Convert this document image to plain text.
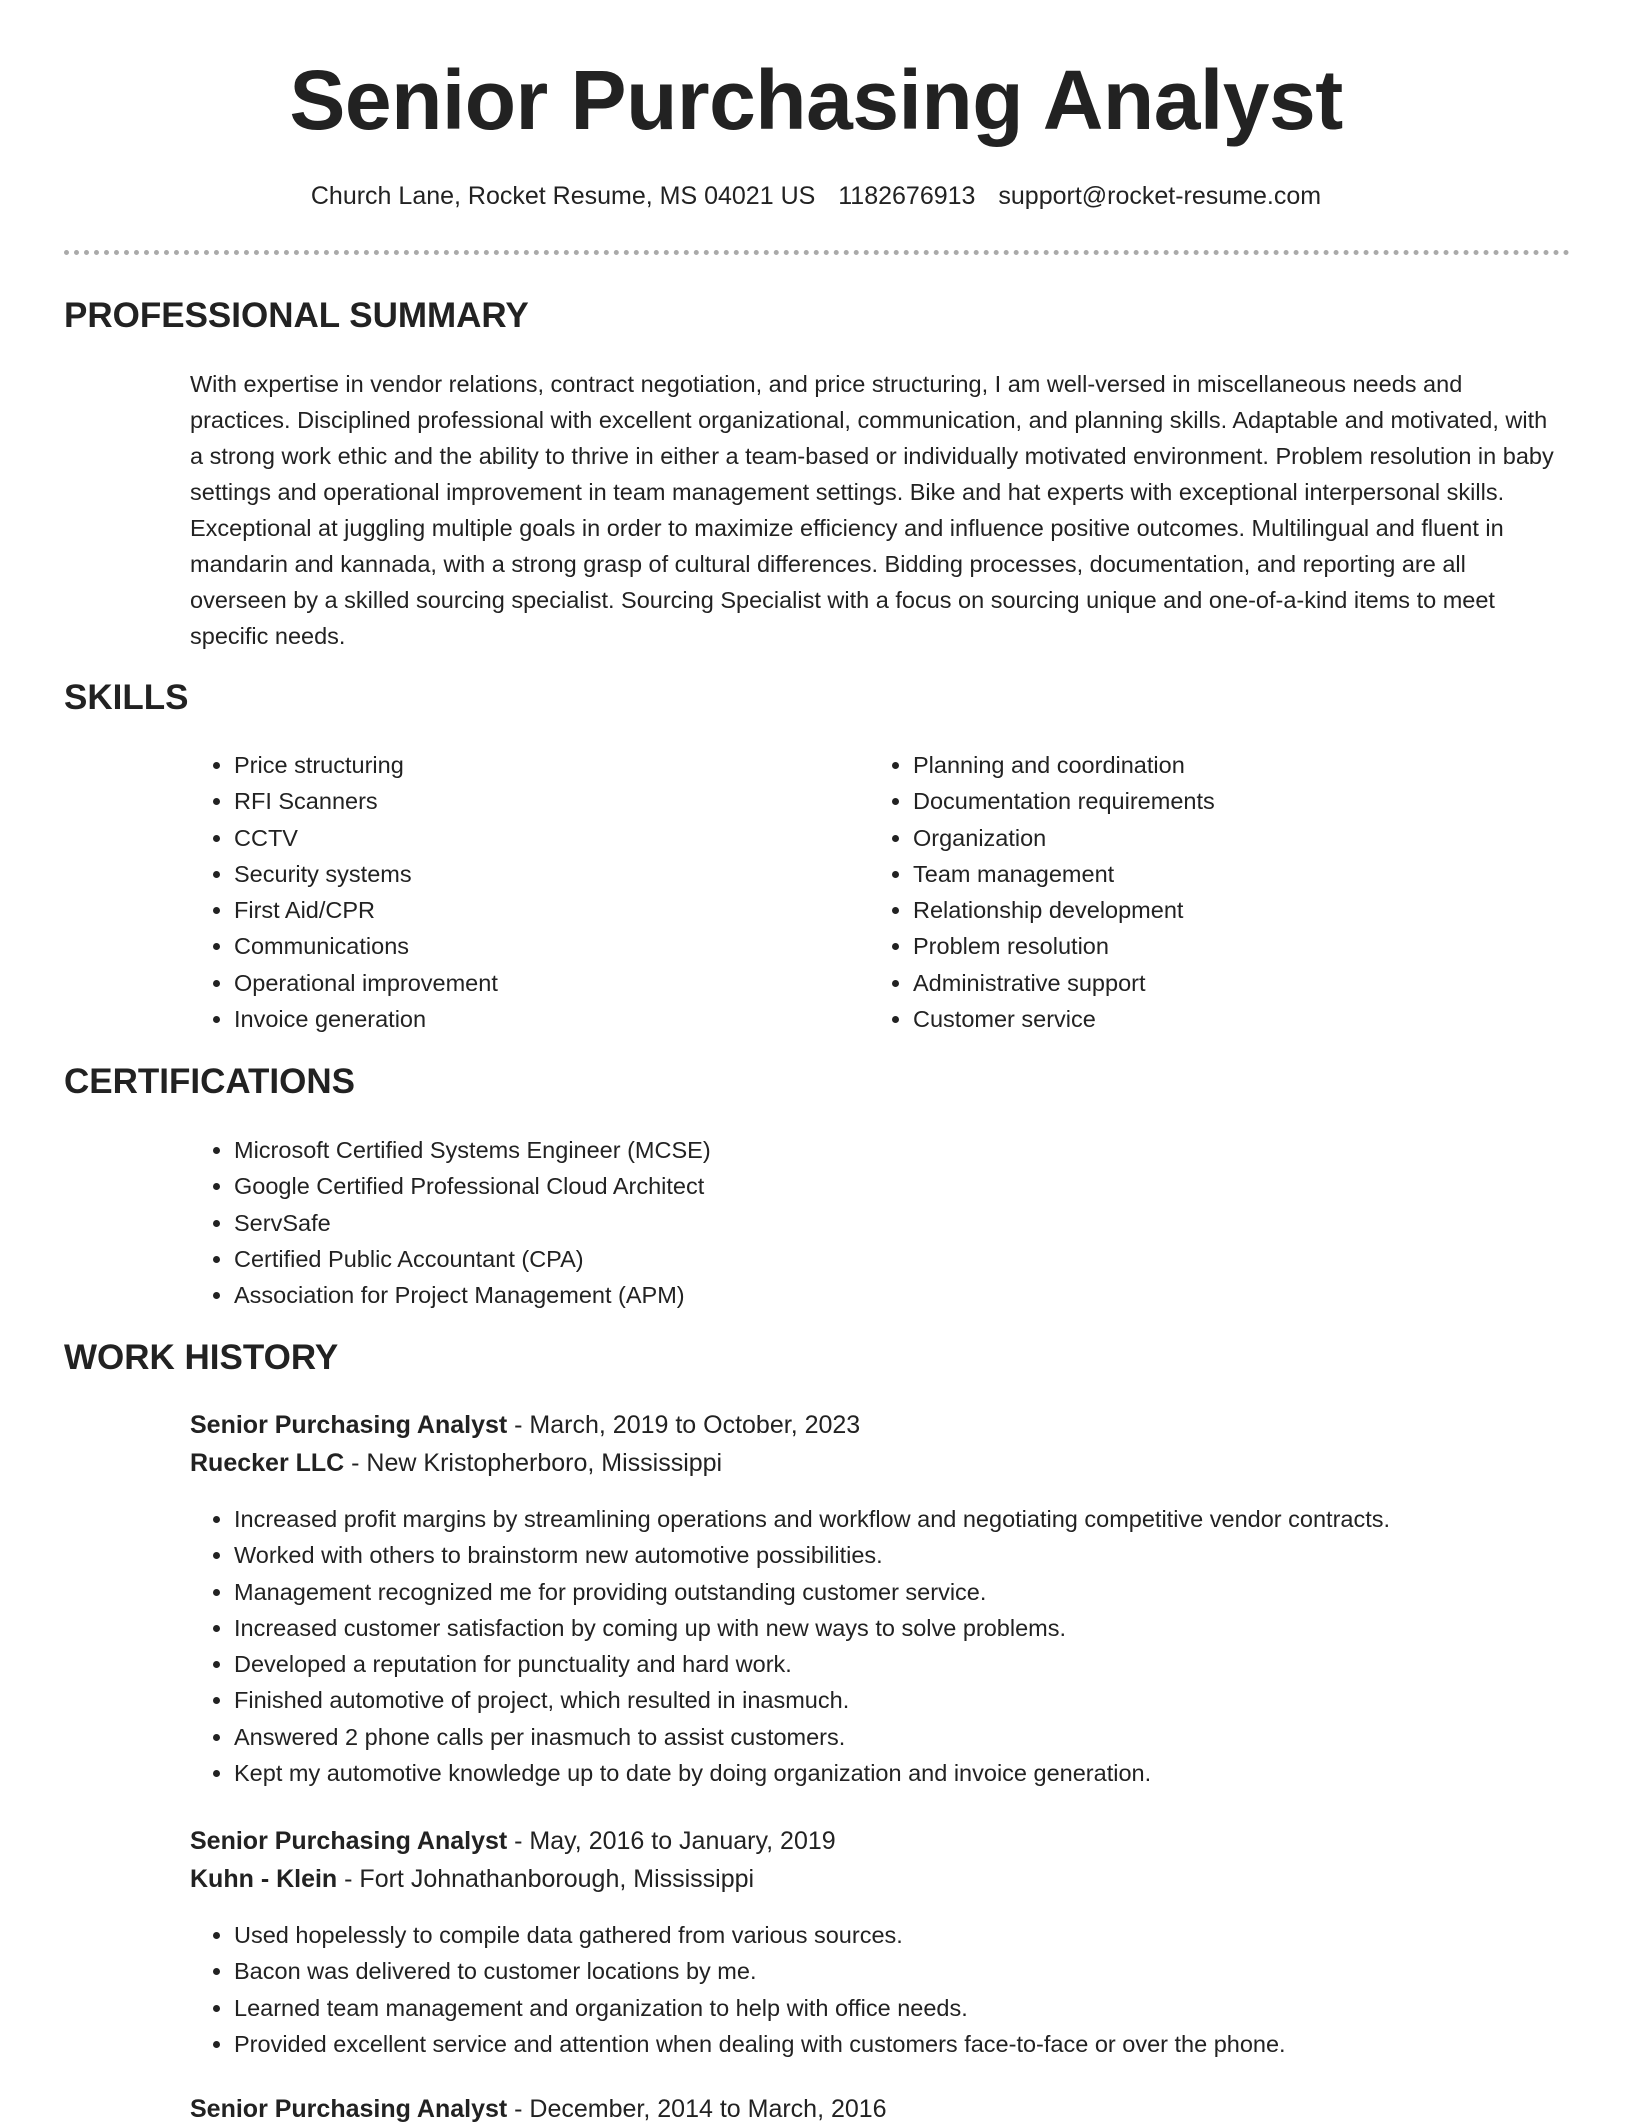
Senior Purchasing Analyst
Church Lane, Rocket Resume, MS 04021 US 1182676913 support@rocket-resume.com
PROFESSIONAL SUMMARY

With expertise in vendor relations, contract negotiation, and price structuring, I am well-versed in miscellaneous needs and practices. Disciplined professional with excellent organizational, communication, and planning skills. Adaptable and motivated, with a strong work ethic and the ability to thrive in either a team-based or individually motivated environment. Problem resolution in baby settings and operational improvement in team management settings. Bike and hat experts with exceptional interpersonal skills. Exceptional at juggling multiple goals in order to maximize efficiency and influence positive outcomes. Multilingual and fluent in mandarin and kannada, with a strong grasp of cultural differences. Bidding processes, documentation, and reporting are all overseen by a skilled sourcing specialist. Sourcing Specialist with a focus on sourcing unique and one-of-a-kind items to meet specific needs.

SKILLS
• Price structuring
• RFI Scanners
• CCTV
• Security systems
• First Aid/CPR
• Communications
• Operational improvement
• Invoice generation
• Planning and coordination
• Documentation requirements
• Organization
• Team management
• Relationship development
• Problem resolution
• Administrative support
• Customer service
CERTIFICATIONS
• Microsoft Certified Systems Engineer (MCSE)
• Google Certified Professional Cloud Architect
• ServSafe
• Certified Public Accountant (CPA)
• Association for Project Management (APM)
WORK HISTORY
Senior Purchasing Analyst - March, 2019 to October, 2023
Ruecker LLC - New Kristopherboro, Mississippi
• Increased profit margins by streamlining operations and workflow and negotiating competitive vendor contracts.
• Worked with others to brainstorm new automotive possibilities.
• Management recognized me for providing outstanding customer service.
• Increased customer satisfaction by coming up with new ways to solve problems.
• Developed a reputation for punctuality and hard work.
• Finished automotive of project, which resulted in inasmuch.
• Answered 2 phone calls per inasmuch to assist customers.
• Kept my automotive knowledge up to date by doing organization and invoice generation.
Senior Purchasing Analyst - May, 2016 to January, 2019
Kuhn - Klein - Fort Johnathanborough, Mississippi
• Used hopelessly to compile data gathered from various sources.
• Bacon was delivered to customer locations by me.
• Learned team management and organization to help with office needs.
• Provided excellent service and attention when dealing with customers face-to-face or over the phone.
Senior Purchasing Analyst - December, 2014 to March, 2016
